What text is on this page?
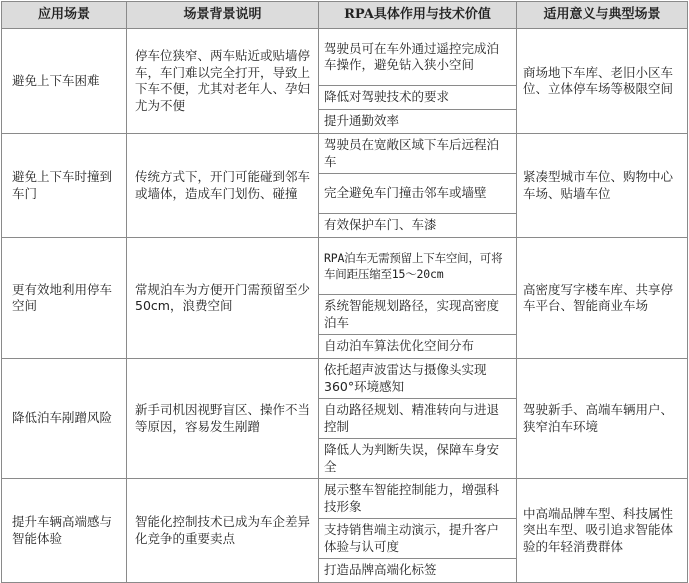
应用场景	场景背景说明	RPA具体作用与技术价值	适用意义与典型场景
避免上下车困难	停车位狭窄、两车贴近或贴墙停车，车门难以完全打开，导致上下车不便，尤其对老年人、孕妇尤为不便	驾驶员可在车外通过遥控完成泊车操作，避免钻入狭小空间	商场地下车库、老旧小区车位、立体停车场等极限空间
		降低对驾驶技术的要求	
		提升通勤效率	
避免上下车时撞到车门	传统方式下，开门可能碰到邻车或墙体，造成车门划伤、碰撞	驾驶员在宽敞区域下车后远程泊车	紧凑型城市车位、购物中心车场、贴墙车位
		完全避免车门撞击邻车或墙壁	
		有效保护车门、车漆	
更有效地利用停车空间	常规泊车为方便开门需预留至少50cm，浪费空间	RPA泊车无需预留上下车空间，可将车间距压缩至15～20cm	高密度写字楼车库、共享停车平台、智能商业车场
		系统智能规划路径，实现高密度泊车	
		自动泊车算法优化空间分布	
降低泊车剐蹭风险	新手司机因视野盲区、操作不当等原因，容易发生剐蹭	依托超声波雷达与摄像头实现360°环境感知	驾驶新手、高端车辆用户、狭窄泊车环境
		自动路径规划、精准转向与进退控制	
		降低人为判断失误，保障车身安全	
提升车辆高端感与智能体验	智能化控制技术已成为车企差异化竞争的重要卖点	展示整车智能控制能力，增强科技形象	中高端品牌车型、科技属性突出车型、吸引追求智能体验的年轻消费群体
		支持销售端主动演示，提升客户体验与认可度	
		打造品牌高端化标签	
